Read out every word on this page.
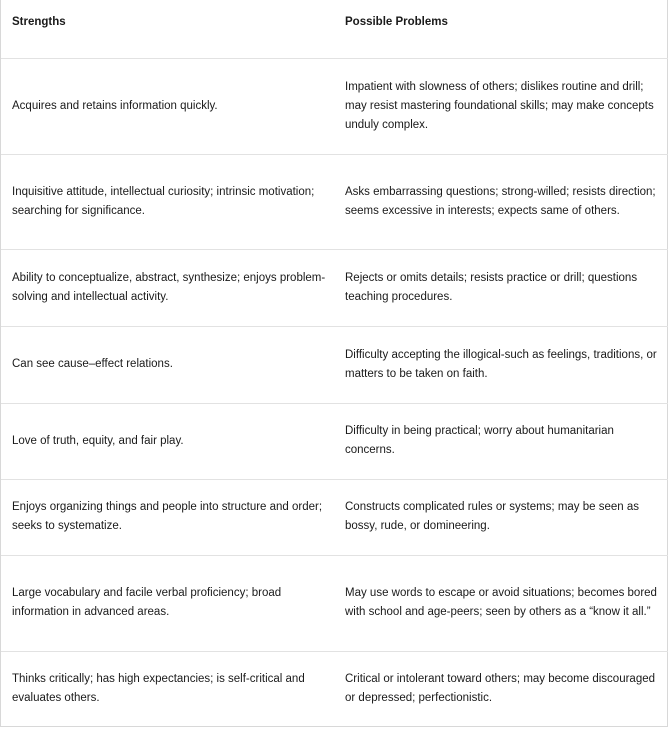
Strengths	Possible Problems
Acquires and retains information quickly.	Impatient with slowness of others; dislikes routine and drill; may resist mastering foundational skills; may make concepts unduly complex.
Inquisitive attitude, intellectual curiosity; intrinsic motivation; searching for significance.	Asks embarrassing questions; strong-willed; resists direction; seems excessive in interests; expects same of others.
Ability to conceptualize, abstract, synthesize; enjoys problem-solving and intellectual activity.	Rejects or omits details; resists practice or drill; questions teaching procedures.
Can see cause–effect relations.	Difficulty accepting the illogical-such as feelings, traditions, or matters to be taken on faith.
Love of truth, equity, and fair play.	Difficulty in being practical; worry about humanitarian concerns.
Enjoys organizing things and people into structure and order; seeks to systematize.	Constructs complicated rules or systems; may be seen as bossy, rude, or domineering.
Large vocabulary and facile verbal proficiency; broad information in advanced areas.	May use words to escape or avoid situations; becomes bored with school and age-peers; seen by others as a “know it all.”
Thinks critically; has high expectancies; is self-critical and evaluates others.	Critical or intolerant toward others; may become discouraged or depressed; perfectionistic.
